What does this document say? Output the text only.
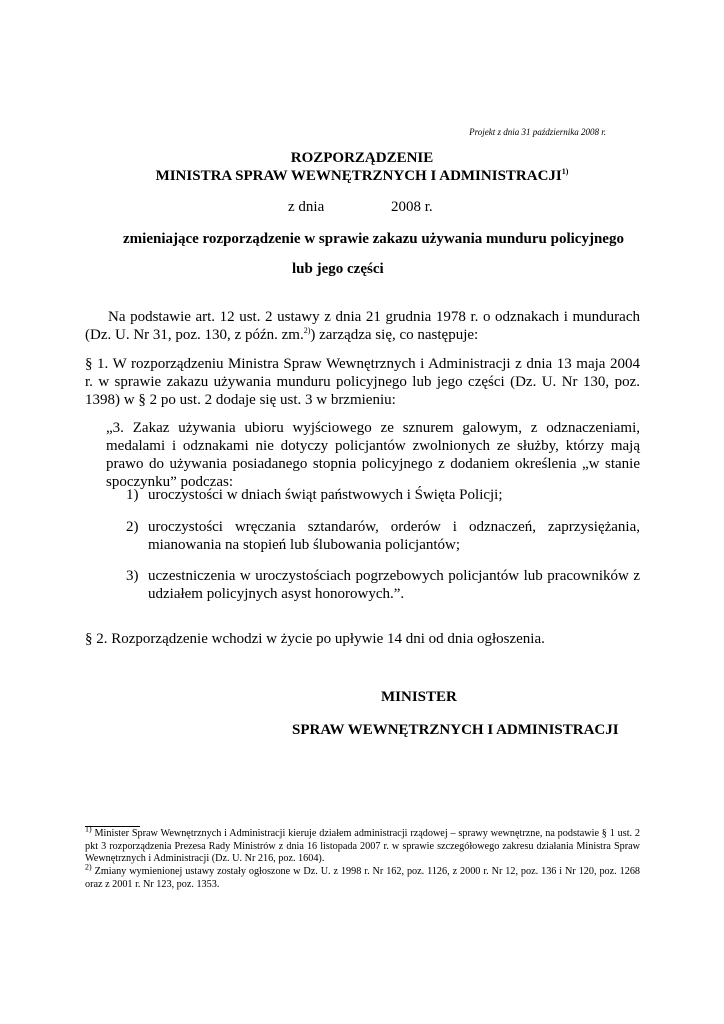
Projekt z dnia 31 października 2008 r.
ROZPORZĄDZENIE
MINISTRA SPRAW WEWNĘTRZNYCH I ADMINISTRACJI$^{1)}$
z dnia	2008 r.
zmieniające rozporządzenie w sprawie zakazu używania munduru policyjnego
lub jego części
Na podstawie art. 12 ust. 2 ustawy z dnia 21 grudnia 1978 r. o odznakach i mundurach (Dz. U. Nr 31, poz. 130, z późn. zm.$^{2)}$) zarządza się, co następuje:
§ 1. W rozporządzeniu Ministra Spraw Wewnętrznych i Administracji z dnia 13 maja 2004 r. w sprawie zakazu używania munduru policyjnego lub jego części (Dz. U. Nr 130, poz. 1398) w § 2 po ust. 2 dodaje się ust. 3 w brzmieniu:
„3. Zakaz używania ubioru wyjściowego ze sznurem galowym, z odznaczeniami, medalami i odznakami nie dotyczy policjantów zwolnionych ze służby, którzy mają prawo do używania posiadanego stopnia policyjnego z dodaniem określenia „w stanie spoczynku” podczas:
1) uroczystości w dniach świąt państwowych i Święta Policji;
2) uroczystości wręczania sztandarów, orderów i odznaczeń, zaprzysiężania, mianowania na stopień lub ślubowania policjantów;
3) uczestniczenia w uroczystościach pogrzebowych policjantów lub pracowników z udziałem policyjnych asyst honorowych.”.
§ 2. Rozporządzenie wchodzi w życie po upływie 14 dni od dnia ogłoszenia.
MINISTER
SPRAW WEWNĘTRZNYCH I ADMINISTRACJI
$^{1)}$ Minister Spraw Wewnętrznych i Administracji kieruje działem administracji rządowej – sprawy wewnętrzne, na podstawie § 1 ust. 2 pkt 3 rozporządzenia Prezesa Rady Ministrów z dnia 16 listopada 2007 r. w sprawie szczegółowego zakresu działania Ministra Spraw Wewnętrznych i Administracji (Dz. U. Nr 216, poz. 1604).
$^{2)}$ Zmiany wymienionej ustawy zostały ogłoszone w Dz. U. z 1998 r. Nr 162, poz. 1126, z 2000 r. Nr 12, poz. 136 i Nr 120, poz. 1268 oraz z 2001 r. Nr 123, poz. 1353.
